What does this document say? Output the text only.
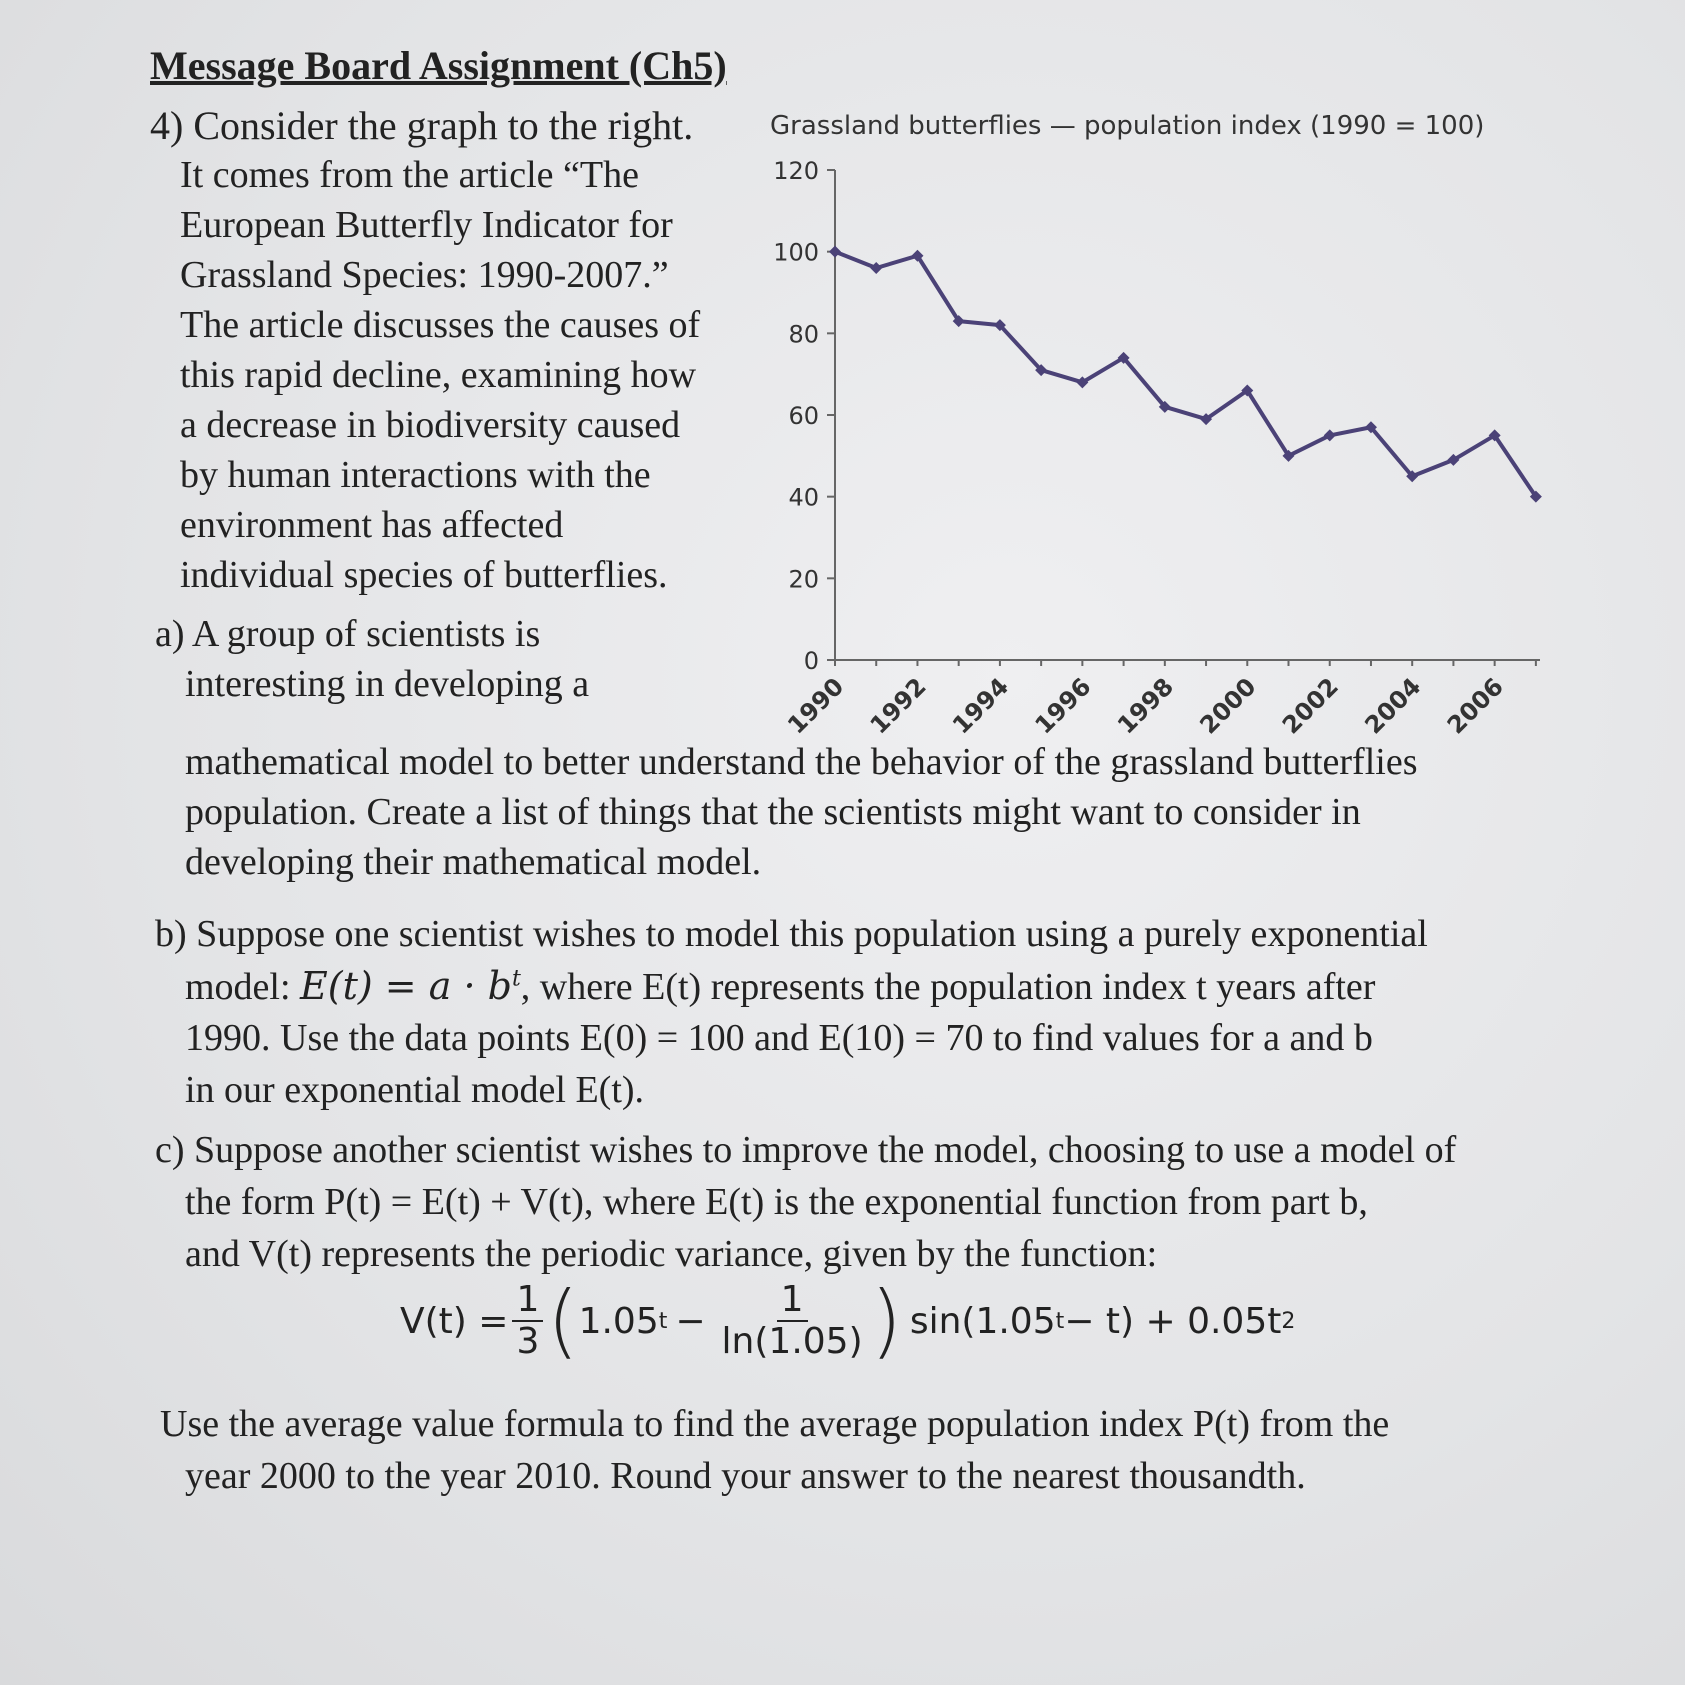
Message Board Assignment (Ch5)
4) Consider the graph to the right.
It comes from the article “The
European Butterfly Indicator for
Grassland Species: 1990-2007.”
The article discusses the causes of
this rapid decline, examining how
a decrease in biodiversity caused
by human interactions with the
environment has affected
individual species of butterflies.
a) A group of scientists is
interesting in developing a
mathematical model to better understand the behavior of the grassland butterflies
population. Create a list of things that the scientists might want to consider in
developing their mathematical model.
b) Suppose one scientist wishes to model this population using a purely exponential
model: $E(t) = a \cdot b^t$, where E(t) represents the population index t years after
1990. Use the data points E(0) = 100 and E(10) = 70 to find values for a and b
in our exponential model E(t).
c) Suppose another scientist wishes to improve the model, choosing to use a model of
the form P(t) = E(t) + V(t), where E(t) is the exponential function from part b,
and V(t) represents the periodic variance, given by the function:
$V(t) = \frac{1}{3}$ ( 1.05 $t - \frac{1}{\ln(1.05)}$ ) sin(1.05 t − t) + 0.05t 2
Use the average value formula to find the average population index P(t) from the
year 2000 to the year 2010. Round your answer to the nearest thousandth.
Grassland butterflies — population index (1990 = 100)
0
20
40
60
80
100
120
1990 1992 1994 1996 1998 2000 2002 2004 2006
